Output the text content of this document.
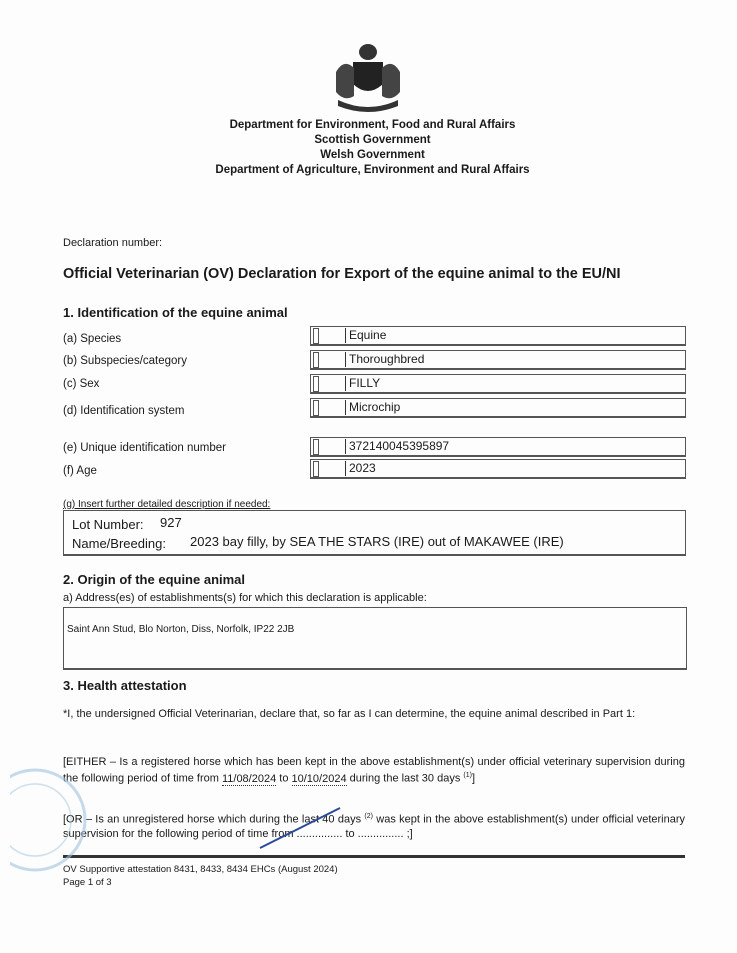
Department for Environment, Food and Rural Affairs
Scottish Government
Welsh Government
Department of Agriculture, Environment and Rural Affairs
Declaration number:
Official Veterinarian (OV) Declaration for Export of the equine animal to the EU/NI
1. Identification of the equine animal
(a) Species	Equine
(b) Subspecies/category	Thoroughbred
(c) Sex	FILLY
(d) Identification system	Microchip
(e) Unique identification number	372140045395897
(f) Age	2023
(g) Insert further detailed description if needed:
Lot Number: 927
Name/Breeding: 2023 bay filly, by SEA THE STARS (IRE) out of MAKAWEE (IRE)
2. Origin of the equine animal
a) Address(es) of establishments(s) for which this declaration is applicable:
Saint Ann Stud, Blo Norton, Diss, Norfolk, IP22 2JB
3. Health attestation
*I, the undersigned Official Veterinarian, declare that, so far as I can determine, the equine animal described in Part 1:
[EITHER – Is a registered horse which has been kept in the above establishment(s) under official veterinary supervision during the following period of time from 11/08/2024 to 10/10/2024 during the last 30 days $^{(1)}$]
[OR – Is an unregistered horse which during the last 40 days $^{(2)}$ was kept in the above establishment(s) under official veterinary supervision for the following period of time from ............... to ............... ;]
OV Supportive attestation 8431, 8433, 8434 EHCs (August 2024)
Page 1 of 3
